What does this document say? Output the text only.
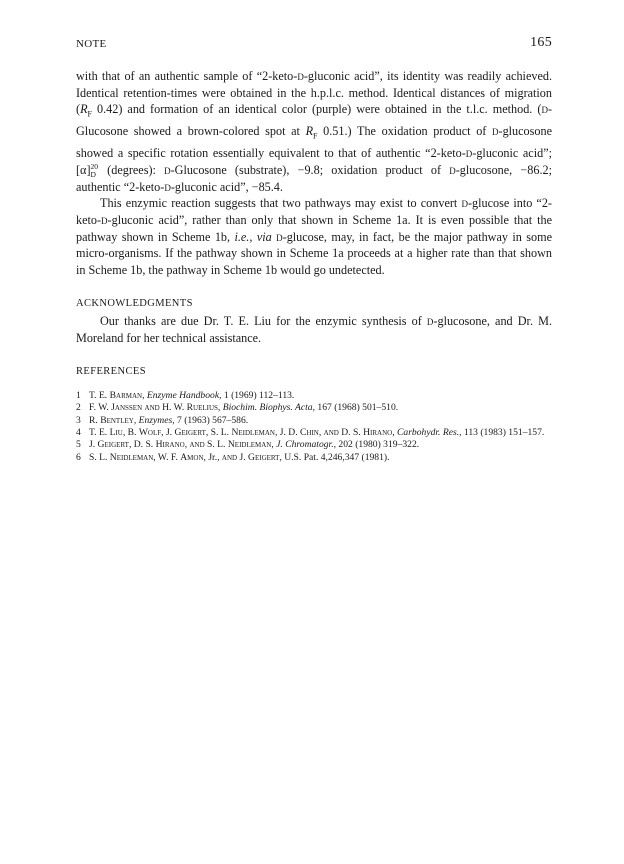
NOTE	165

with that of an authentic sample of “2-keto-d-gluconic acid”, its identity was readily achieved. Identical retention-times were obtained in the h.p.l.c. method. Identical distances of migration ($R_F$ 0.42) and formation of an identical color (purple) were obtained in the t.l.c. method. (d-Glucosone showed a brown-colored spot at $R_F$ 0.51.) The oxidation product of d-glucosone showed a specific rotation essentially equivalent to that of authentic “2-keto-d-gluconic acid”; [α] 20
D (degrees): d-Glucosone (substrate), −9.8; oxidation product of d-glucosone, −86.2; authentic “2-keto-d-gluconic acid”, −85.4.

This enzymic reaction suggests that two pathways may exist to convert d-glucose into “2-keto-d-gluconic acid”, rather than only that shown in Scheme 1a. It is even possible that the pathway shown in Scheme 1b, i.e., via d-glucose, may, in fact, be the major pathway in some micro-organisms. If the pathway shown in Scheme 1a proceeds at a higher rate than that shown in Scheme 1b, the pathway in Scheme 1b would go undetected.

ACKNOWLEDGMENTS

Our thanks are due Dr. T. E. Liu for the enzymic synthesis of d-glucosone, and Dr. M. Moreland for her technical assistance.

REFERENCES
1 T. E. Barman, Enzyme Handbook, 1 (1969) 112–113.
2 F. W. Janssen and H. W. Ruelius, Biochim. Biophys. Acta, 167 (1968) 501–510.
3 R. Bentley, Enzymes, 7 (1963) 567–586.
4 T. E. Liu, B. Wolf, J. Geigert, S. L. Neidleman, J. D. Chin, and D. S. Hirano, Carbohydr. Res., 113 (1983) 151–157.
5 J. Geigert, D. S. Hirano, and S. L. Neidleman, J. Chromatogr., 202 (1980) 319–322.
6 S. L. Neidleman, W. F. Amon, Jr., and J. Geigert, U.S. Pat. 4,246,347 (1981).
